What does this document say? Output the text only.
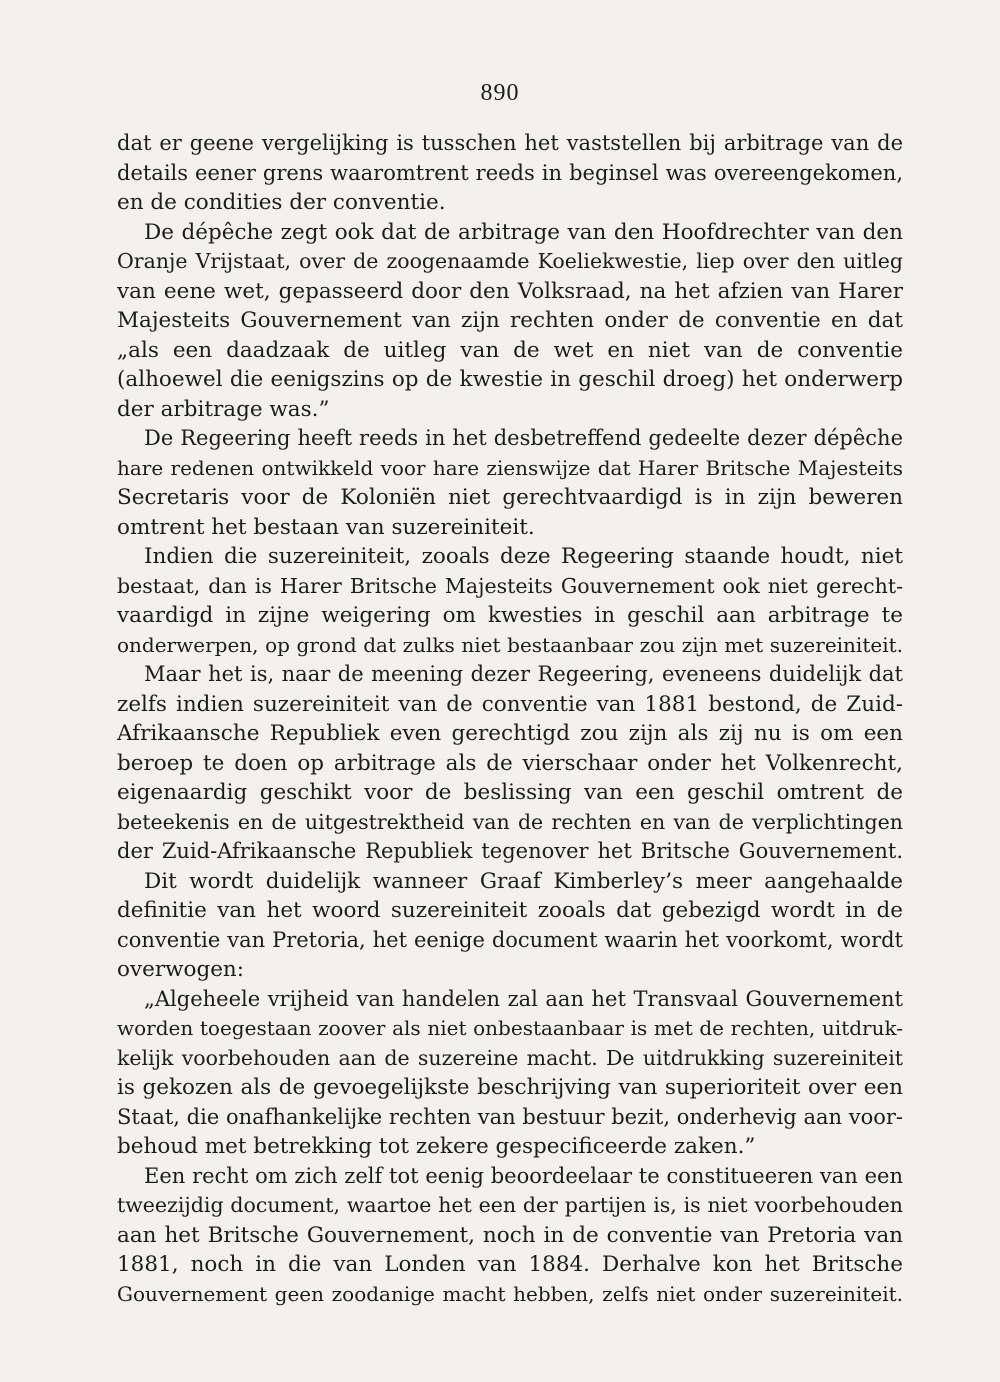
890
dat er geene vergelijking is tusschen het vaststellen bij arbitrage van de
details eener grens waaromtrent reeds in beginsel was overeengekomen,
en de condities der conventie.
De dépêche zegt ook dat de arbitrage van den Hoofdrechter van den
Oranje Vrijstaat, over de zoogenaamde Koeliekwestie, liep over den uitleg
van eene wet, gepasseerd door den Volksraad, na het afzien van Harer
Majesteits Gouvernement van zijn rechten onder de conventie en dat
„als een daadzaak de uitleg van de wet en niet van de conventie
(alhoewel die eenigszins op de kwestie in geschil droeg) het onderwerp
der arbitrage was.”
De Regeering heeft reeds in het desbetreffend gedeelte dezer dépêche
hare redenen ontwikkeld voor hare zienswijze dat Harer Britsche Majesteits
Secretaris voor de Koloniën niet gerechtvaardigd is in zijn beweren
omtrent het bestaan van suzereiniteit.
Indien die suzereiniteit, zooals deze Regeering staande houdt, niet
bestaat, dan is Harer Britsche Majesteits Gouvernement ook niet gerecht-
vaardigd in zijne weigering om kwesties in geschil aan arbitrage te
onderwerpen, op grond dat zulks niet bestaanbaar zou zijn met suzereiniteit.
Maar het is, naar de meening dezer Regeering, eveneens duidelijk dat
zelfs indien suzereiniteit van de conventie van 1881 bestond, de Zuid-
Afrikaansche Republiek even gerechtigd zou zijn als zij nu is om een
beroep te doen op arbitrage als de vierschaar onder het Volkenrecht,
eigenaardig geschikt voor de beslissing van een geschil omtrent de
beteekenis en de uitgestrektheid van de rechten en van de verplichtingen
der Zuid-Afrikaansche Republiek tegenover het Britsche Gouvernement.
Dit wordt duidelijk wanneer Graaf Kimberley’s meer aangehaalde
definitie van het woord suzereiniteit zooals dat gebezigd wordt in de
conventie van Pretoria, het eenige document waarin het voorkomt, wordt
overwogen:
„Algeheele vrijheid van handelen zal aan het Transvaal Gouvernement
worden toegestaan zoover als niet onbestaanbaar is met de rechten, uitdruk-
kelijk voorbehouden aan de suzereine macht. De uitdrukking suzereiniteit
is gekozen als de gevoegelijkste beschrijving van superioriteit over een
Staat, die onafhankelijke rechten van bestuur bezit, onderhevig aan voor-
behoud met betrekking tot zekere gespecificeerde zaken.”
Een recht om zich zelf tot eenig beoordeelaar te constitueeren van een
tweezijdig document, waartoe het een der partijen is, is niet voorbehouden
aan het Britsche Gouvernement, noch in de conventie van Pretoria van
1881, noch in die van Londen van 1884. Derhalve kon het Britsche
Gouvernement geen zoodanige macht hebben, zelfs niet onder suzereiniteit.
